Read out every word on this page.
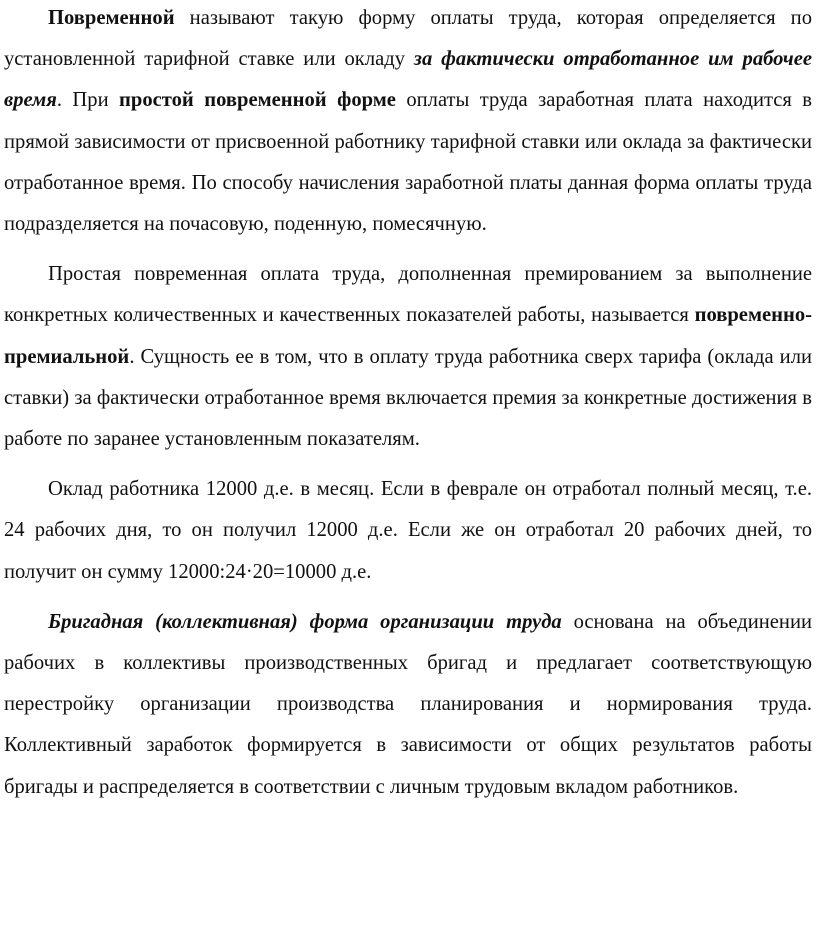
Повременной называют такую форму оплаты труда, которая определяется по установленной тарифной ставке или окладу за фактически отработанное им рабочее время. При простой повременной форме оплаты труда заработная плата находится в прямой зависимости от присвоенной работнику тарифной ставки или оклада за фактически отработанное время. По способу начисления заработной платы данная форма оплаты труда подразделяется на почасовую, поденную, помесячную.

Простая повременная оплата труда, дополненная премированием за выполнение конкретных количественных и качественных показателей работы, называется повременно-премиальной. Сущность ее в том, что в оплату труда работника сверх тарифа (оклада или ставки) за фактически отработанное время включается премия за конкретные достижения в работе по заранее установленным показателям.

Оклад работника 12000 д.е. в месяц. Если в феврале он отработал полный месяц, т.е. 24 рабочих дня, то он получил 12000 д.е. Если же он отработал 20 рабочих дней, то получит он сумму 12000:24·20=10000 д.е.

Бригадная (коллективная) форма организации труда основана на объединении рабочих в коллективы производственных бригад и предлагает соответствующую перестройку организации производства планирования и нормирования труда. Коллективный заработок формируется в зависимости от общих результатов работы бригады и распределяется в соответствии с личным трудовым вкладом работников.
